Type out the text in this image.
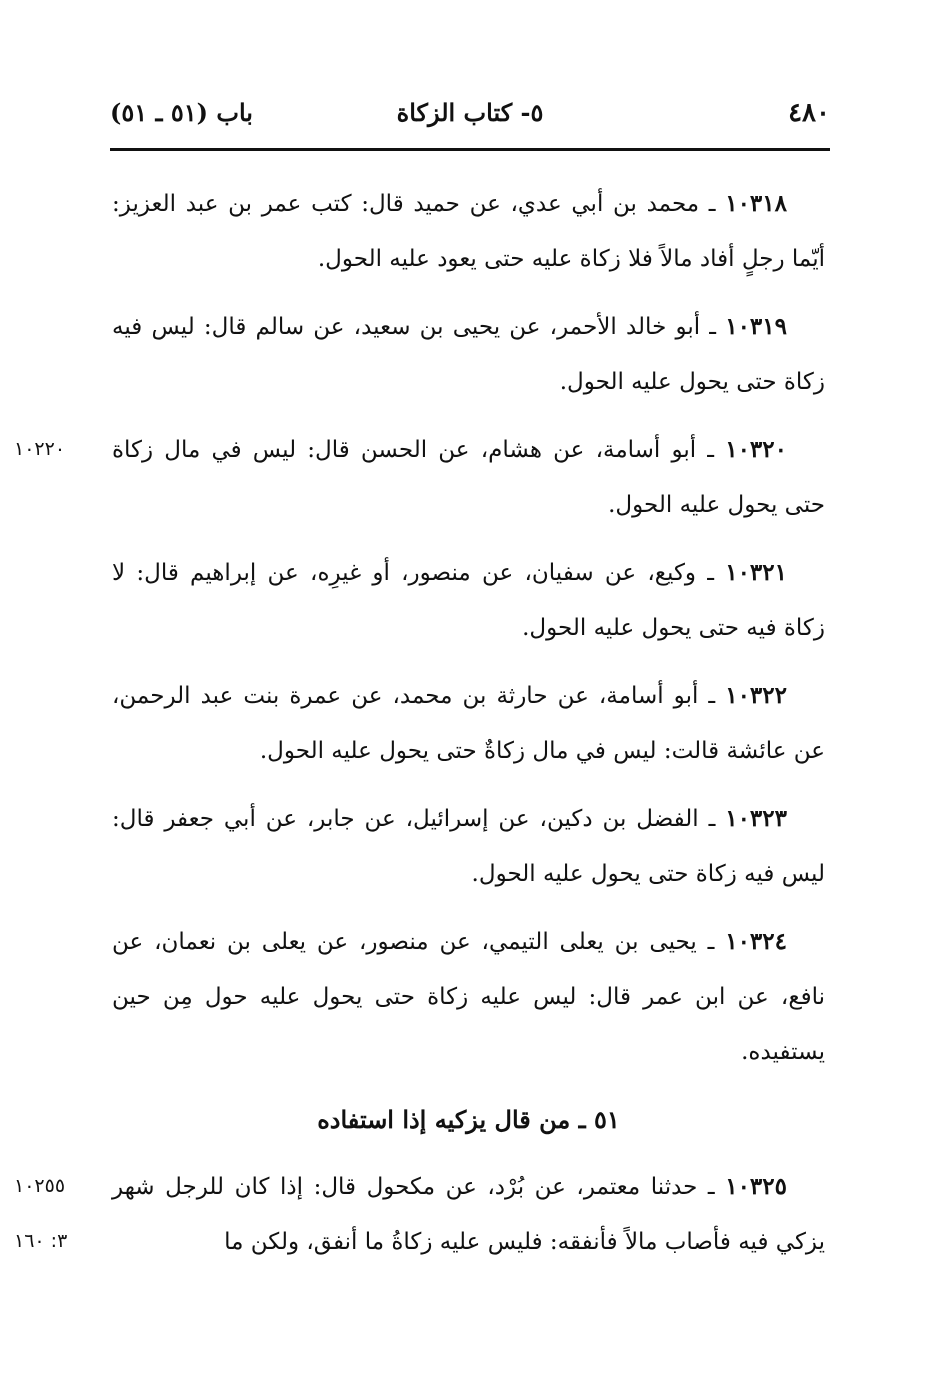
٤٨٠
٥- كتاب الزكاة
باب (٥١ ـ ٥١)

١٠٣١٨ ـ محمد بن أبي عدي، عن حميد قال: كتب عمر بن عبد العزيز: أيّما رجلٍ أفاد مالاً فلا زكاة عليه حتى يعود عليه الحول.

١٠٣١٩ ـ أبو خالد الأحمر، عن يحيى بن سعيد، عن سالم قال: ليس فيه زكاة حتى يحول عليه الحول.

١٠٢٢٠	١٠٣٢٠ ـ أبو أسامة، عن هشام، عن الحسن قال: ليس في مال زكاة حتى يحول عليه الحول.

١٠٣٢١ ـ وكيع، عن سفيان، عن منصور، أو غيرِه، عن إبراهيم قال: لا زكاة فيه حتى يحول عليه الحول.

١٠٣٢٢ ـ أبو أسامة، عن حارثة بن محمد، عن عمرة بنت عبد الرحمن، عن عائشة قالت: ليس في مال زكاةٌ حتى يحول عليه الحول.

١٠٣٢٣ ـ الفضل بن دكين، عن إسرائيل، عن جابر، عن أبي جعفر قال: ليس فيه زكاة حتى يحول عليه الحول.

١٠٣٢٤ ـ يحيى بن يعلى التيمي، عن منصور، عن يعلى بن نعمان، عن نافع، عن ابن عمر قال: ليس عليه زكاة حتى يحول عليه حول مِن حين يستفيده.

٥١ ـ من قال يزكيه إذا استفاده

١٠٢٥٥
٣: ١٦٠
١٠٣٢٥ ـ حدثنا معتمر، عن بُرْد، عن مكحول قال: إذا كان للرجل شهر يزكي فيه فأصاب مالاً فأنفقه: فليس عليه زكاةُ ما أنفق، ولكن ما
